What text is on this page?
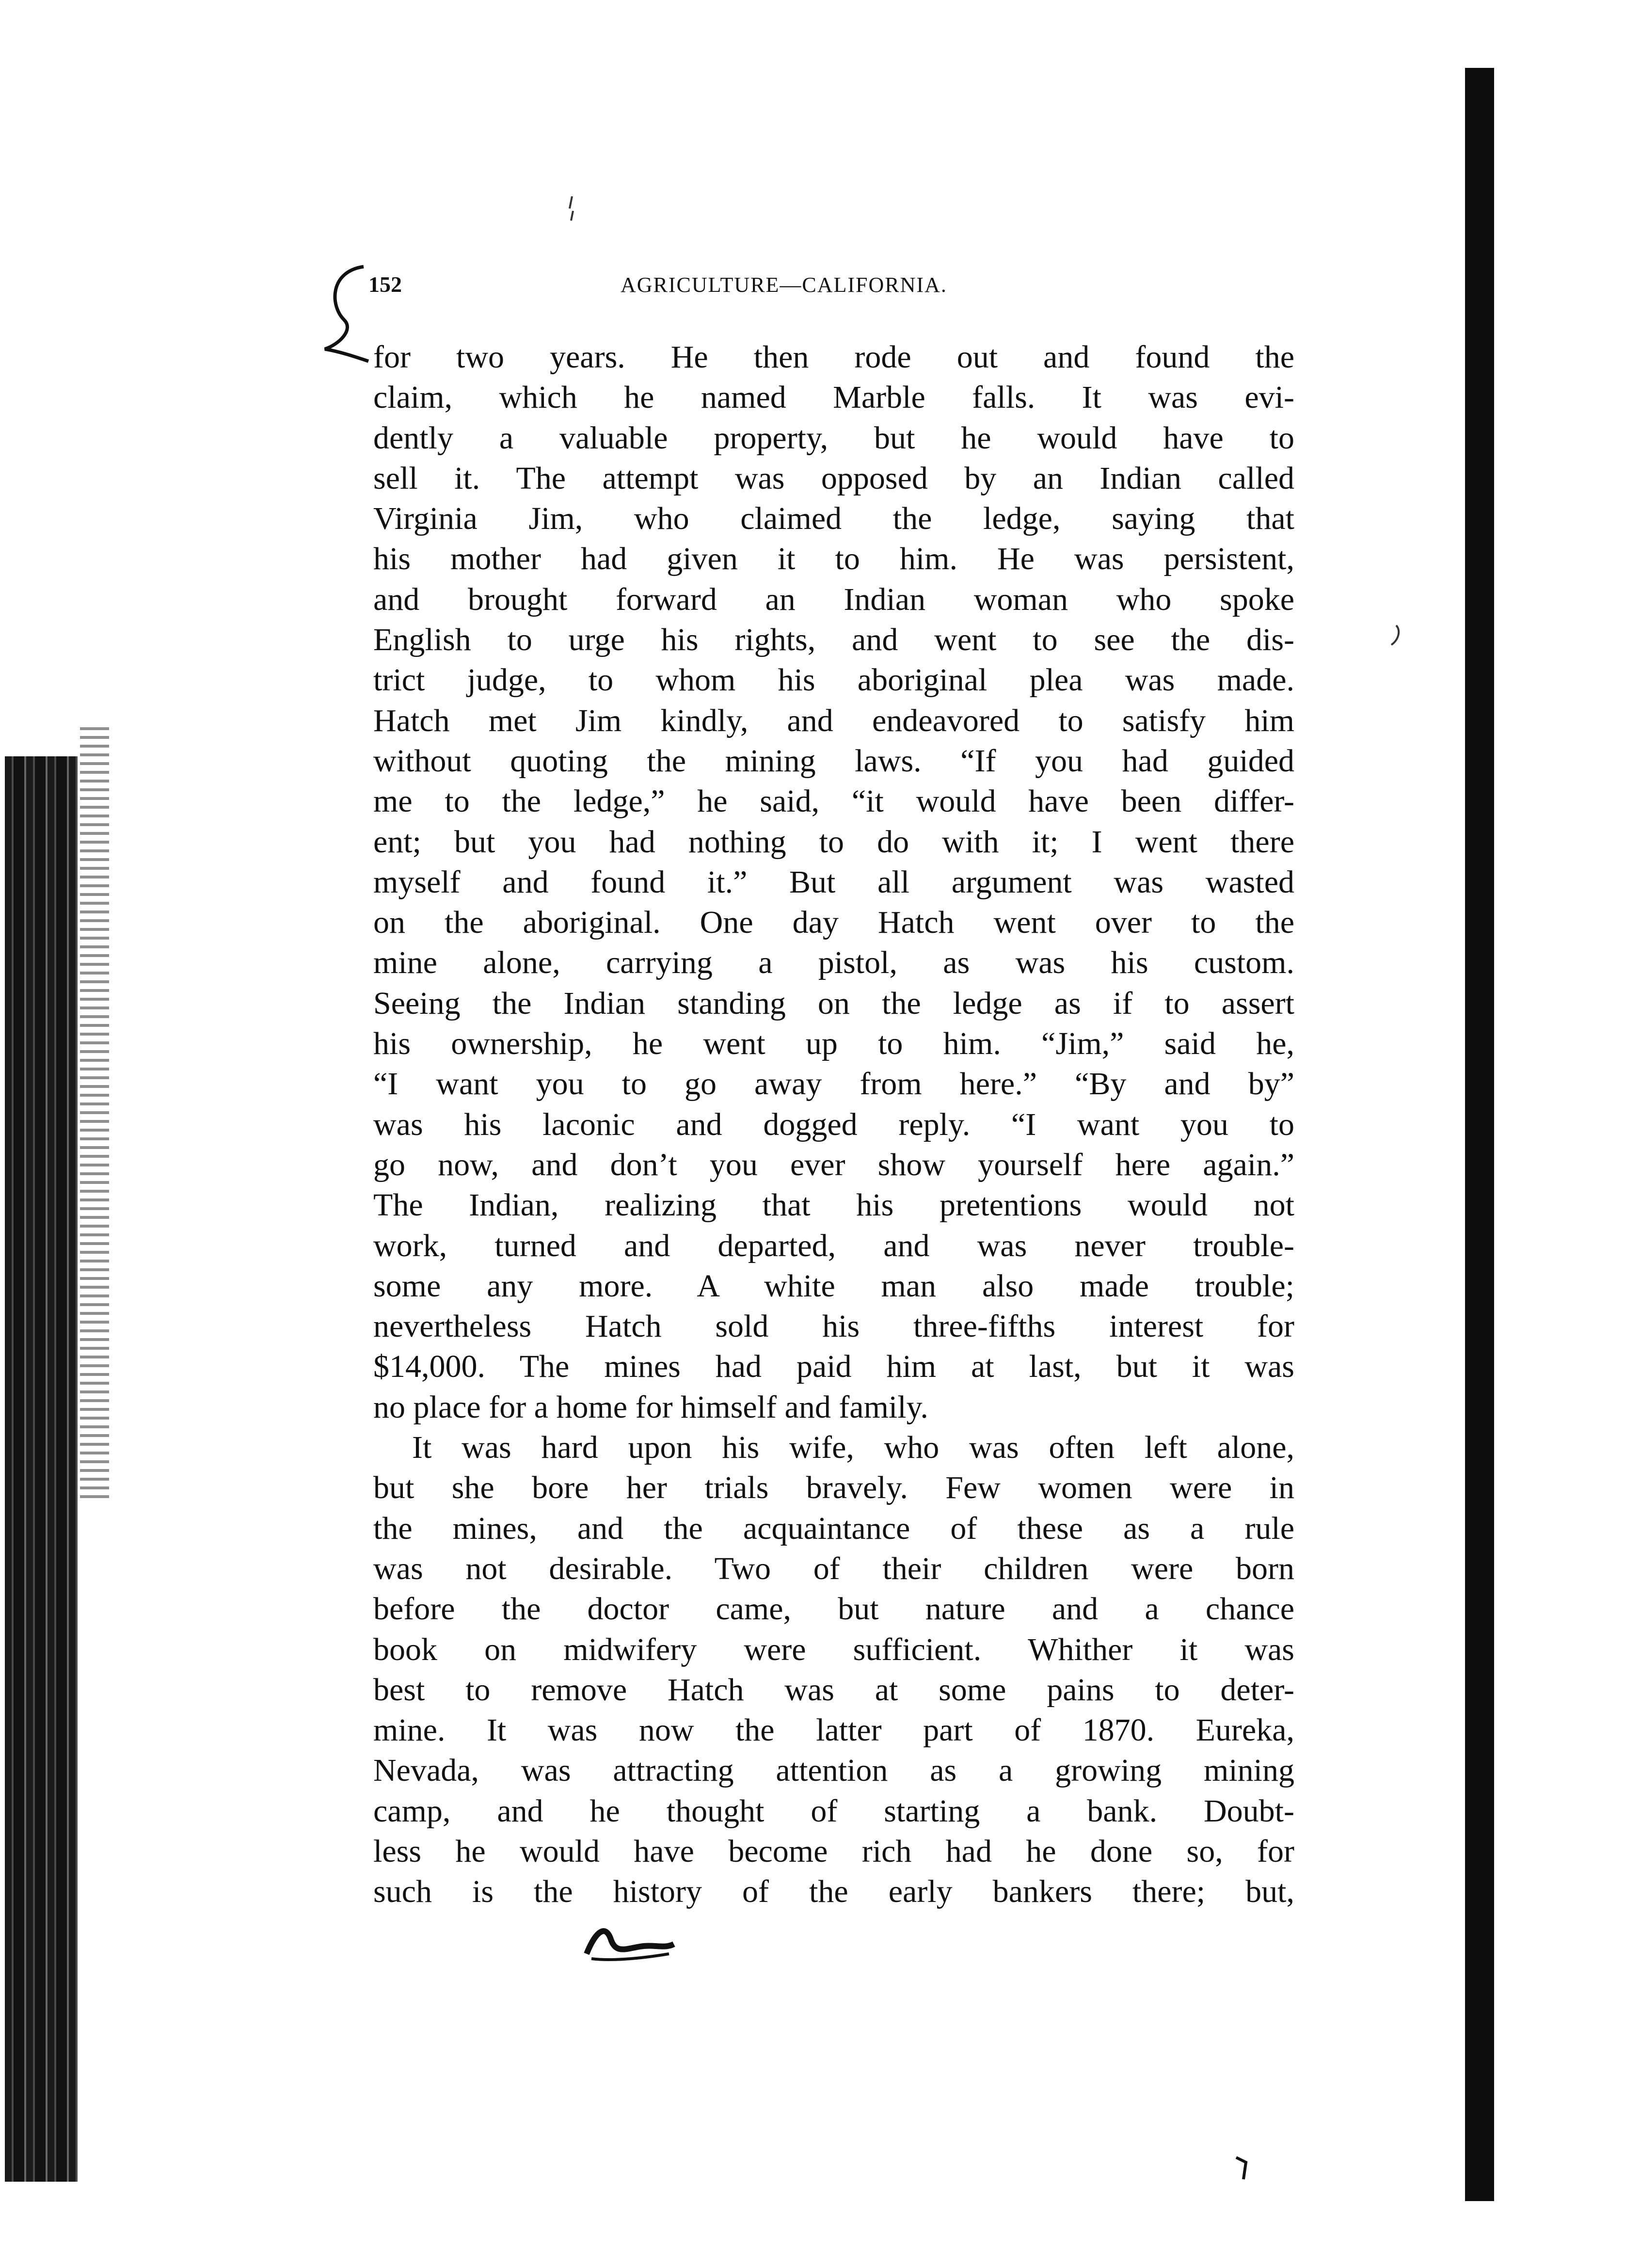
152	AGRICULTURE—CALIFORNIA.
for two years. He then rode out and found the
claim, which he named Marble falls. It was evi-
dently a valuable property, but he would have to
sell it. The attempt was opposed by an Indian called
Virginia Jim, who claimed the ledge, saying that
his mother had given it to him. He was persistent,
and brought forward an Indian woman who spoke
English to urge his rights, and went to see the dis-
trict judge, to whom his aboriginal plea was made.
Hatch met Jim kindly, and endeavored to satisfy him
without quoting the mining laws. “If you had guided
me to the ledge,” he said, “it would have been differ-
ent; but you had nothing to do with it; I went there
myself and found it.” But all argument was wasted
on the aboriginal. One day Hatch went over to the
mine alone, carrying a pistol, as was his custom.
Seeing the Indian standing on the ledge as if to assert
his ownership, he went up to him. “Jim,” said he,
“I want you to go away from here.” “By and by”
was his laconic and dogged reply. “I want you to
go now, and don’t you ever show yourself here again.”
The Indian, realizing that his pretentions would not
work, turned and departed, and was never trouble-
some any more. A white man also made trouble;
nevertheless Hatch sold his three-fifths interest for
$14,000. The mines had paid him at last, but it was
no place for a home for himself and family.
It was hard upon his wife, who was often left alone,
but she bore her trials bravely. Few women were in
the mines, and the acquaintance of these as a rule
was not desirable. Two of their children were born
before the doctor came, but nature and a chance
book on midwifery were sufficient. Whither it was
best to remove Hatch was at some pains to deter-
mine. It was now the latter part of 1870. Eureka,
Nevada, was attracting attention as a growing mining
camp, and he thought of starting a bank. Doubt-
less he would have become rich had he done so, for
such is the history of the early bankers there; but,
